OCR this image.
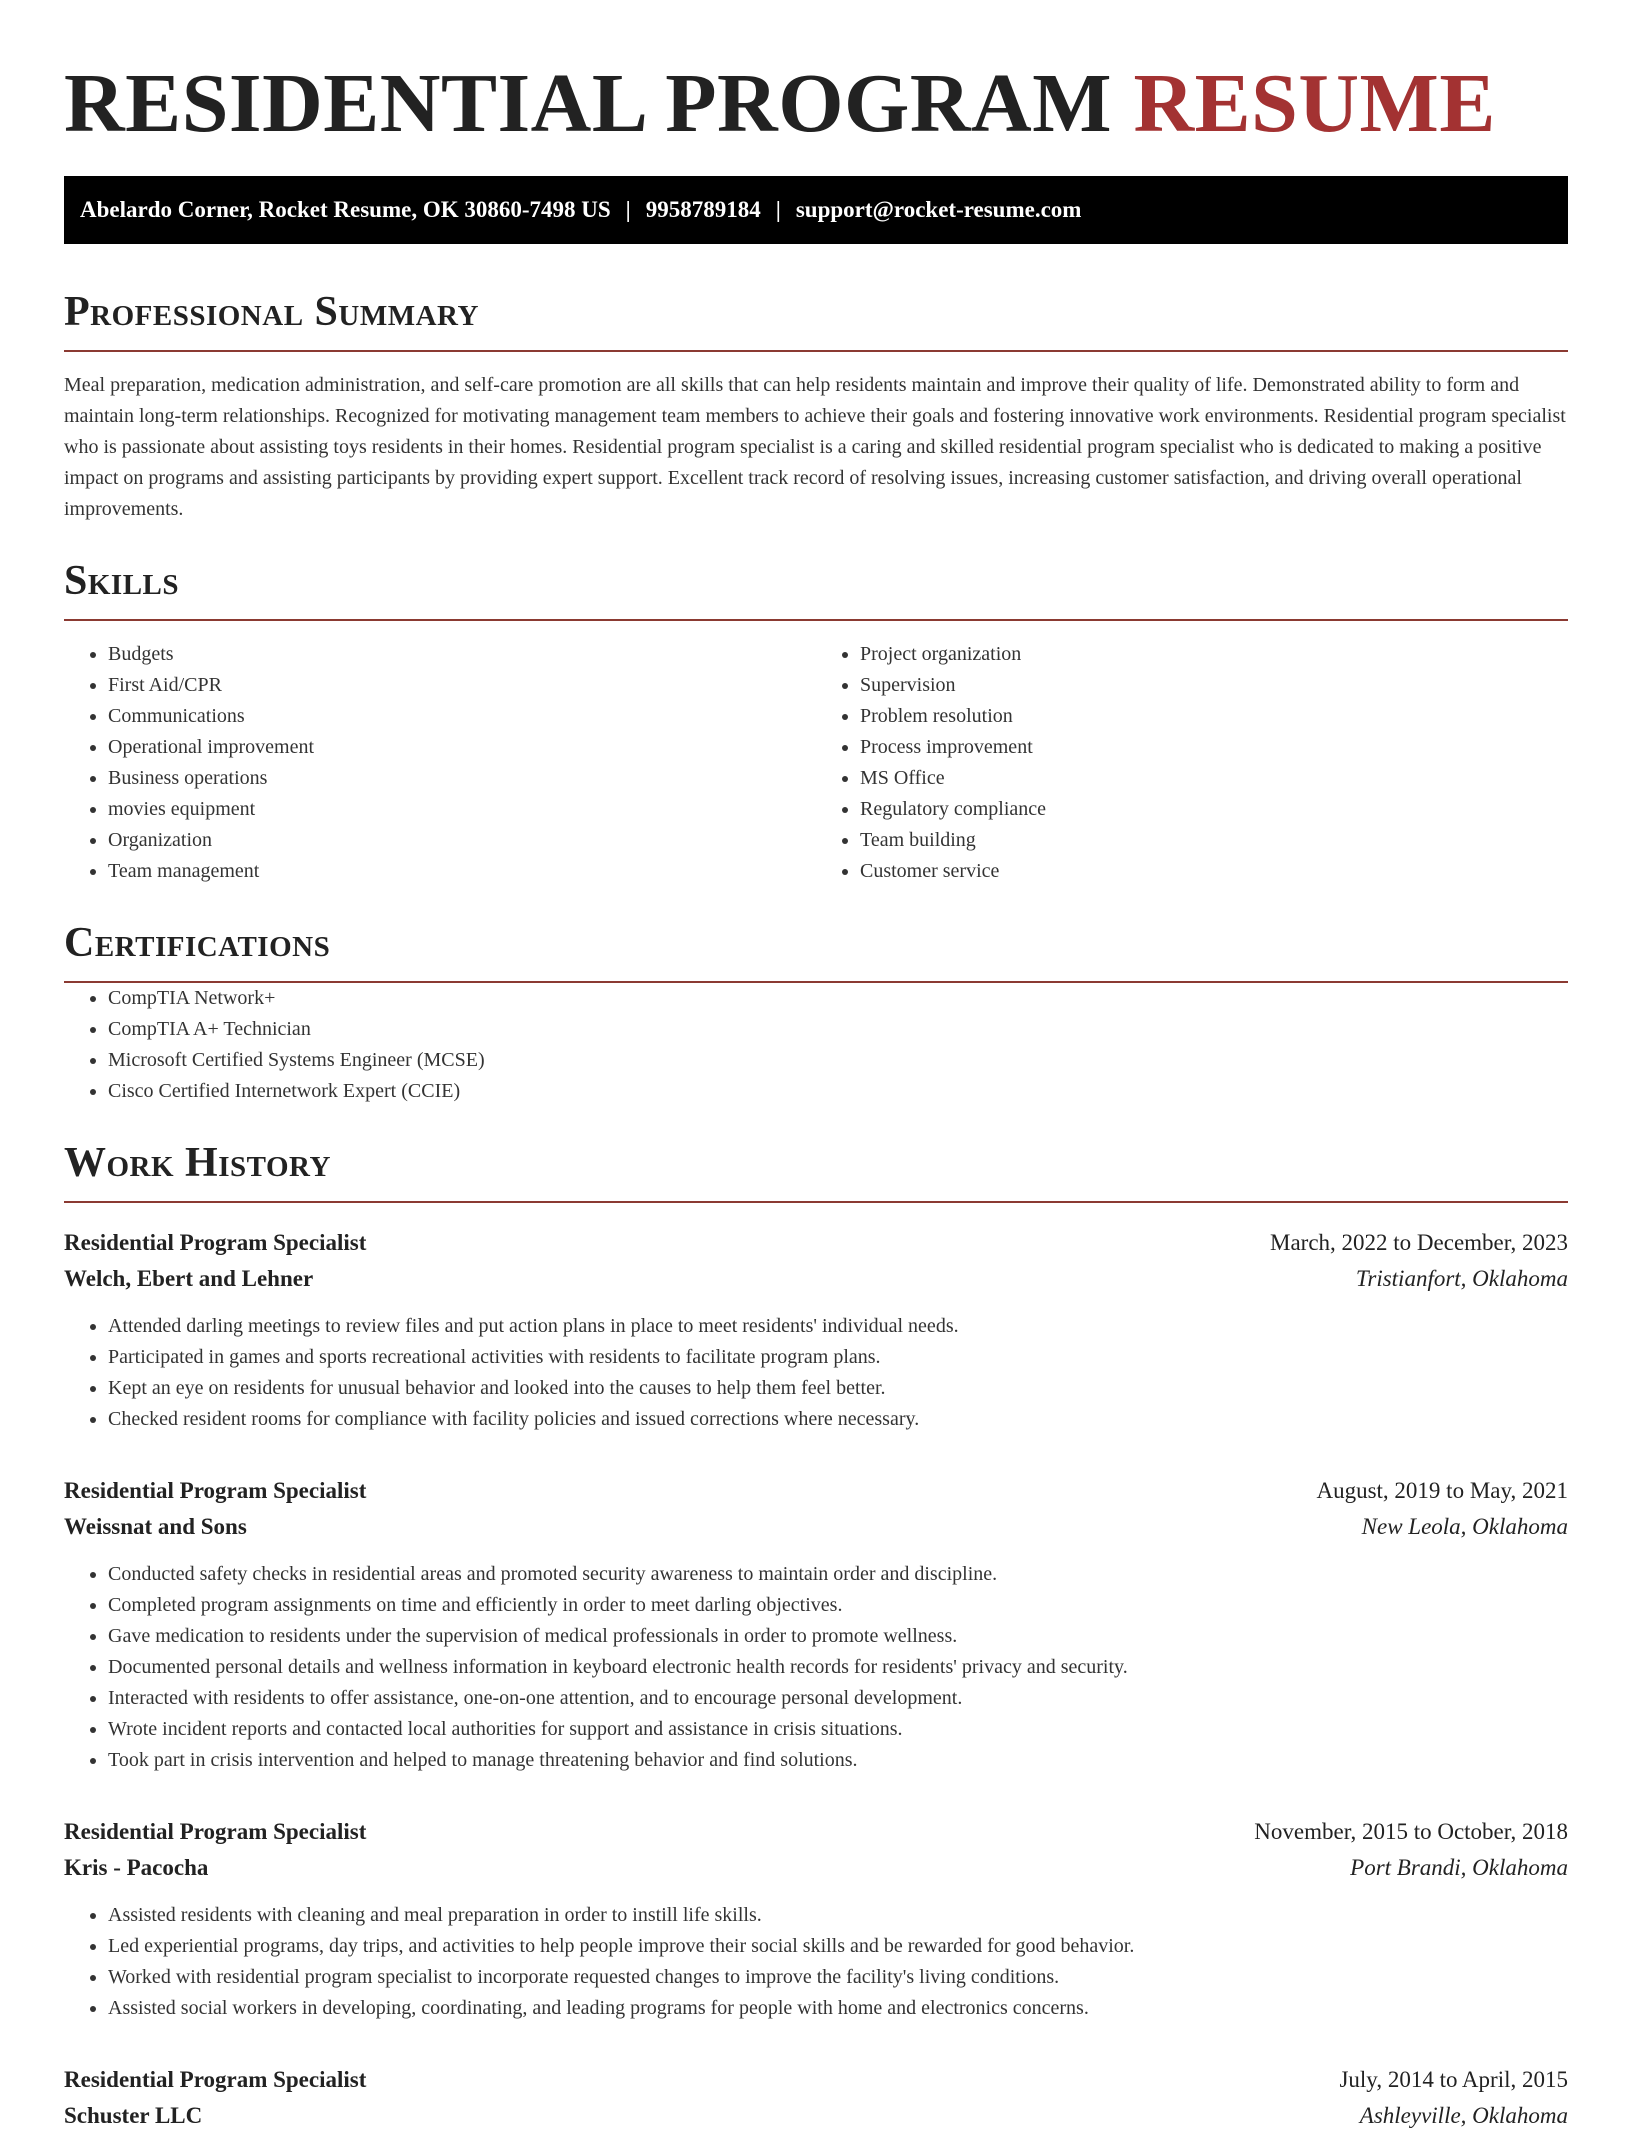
RESIDENTIAL PROGRAM RESUME
Abelardo Corner, Rocket Resume, OK 30860-7498 US | 9958789184 | support@rocket-resume.com
Professional Summary

Meal preparation, medication administration, and self-care promotion are all skills that can help residents maintain and improve their quality of life. Demonstrated ability to form and maintain long-term relationships. Recognized for motivating management team members to achieve their goals and fostering innovative work environments. Residential program specialist who is passionate about assisting toys residents in their homes. Residential program specialist is a caring and skilled residential program specialist who is dedicated to making a positive impact on programs and assisting participants by providing expert support. Excellent track record of resolving issues, increasing customer satisfaction, and driving overall operational improvements.

Skills
• Budgets
• First Aid/CPR
• Communications
• Operational improvement
• Business operations
• movies equipment
• Organization
• Team management
• Project organization
• Supervision
• Problem resolution
• Process improvement
• MS Office
• Regulatory compliance
• Team building
• Customer service
Certifications
• CompTIA Network+
• CompTIA A+ Technician
• Microsoft Certified Systems Engineer (MCSE)
• Cisco Certified Internetwork Expert (CCIE)
Work History
Residential Program Specialist	March, 2022 to December, 2023
Welch, Ebert and Lehner	Tristianfort, Oklahoma
• Attended darling meetings to review files and put action plans in place to meet residents' individual needs.
• Participated in games and sports recreational activities with residents to facilitate program plans.
• Kept an eye on residents for unusual behavior and looked into the causes to help them feel better.
• Checked resident rooms for compliance with facility policies and issued corrections where necessary.
Residential Program Specialist	August, 2019 to May, 2021
Weissnat and Sons	New Leola, Oklahoma
• Conducted safety checks in residential areas and promoted security awareness to maintain order and discipline.
• Completed program assignments on time and efficiently in order to meet darling objectives.
• Gave medication to residents under the supervision of medical professionals in order to promote wellness.
• Documented personal details and wellness information in keyboard electronic health records for residents' privacy and security.
• Interacted with residents to offer assistance, one-on-one attention, and to encourage personal development.
• Wrote incident reports and contacted local authorities for support and assistance in crisis situations.
• Took part in crisis intervention and helped to manage threatening behavior and find solutions.
Residential Program Specialist	November, 2015 to October, 2018
Kris - Pacocha	Port Brandi, Oklahoma
• Assisted residents with cleaning and meal preparation in order to instill life skills.
• Led experiential programs, day trips, and activities to help people improve their social skills and be rewarded for good behavior.
• Worked with residential program specialist to incorporate requested changes to improve the facility's living conditions.
• Assisted social workers in developing, coordinating, and leading programs for people with home and electronics concerns.
Residential Program Specialist	July, 2014 to April, 2015
Schuster LLC	Ashleyville, Oklahoma
